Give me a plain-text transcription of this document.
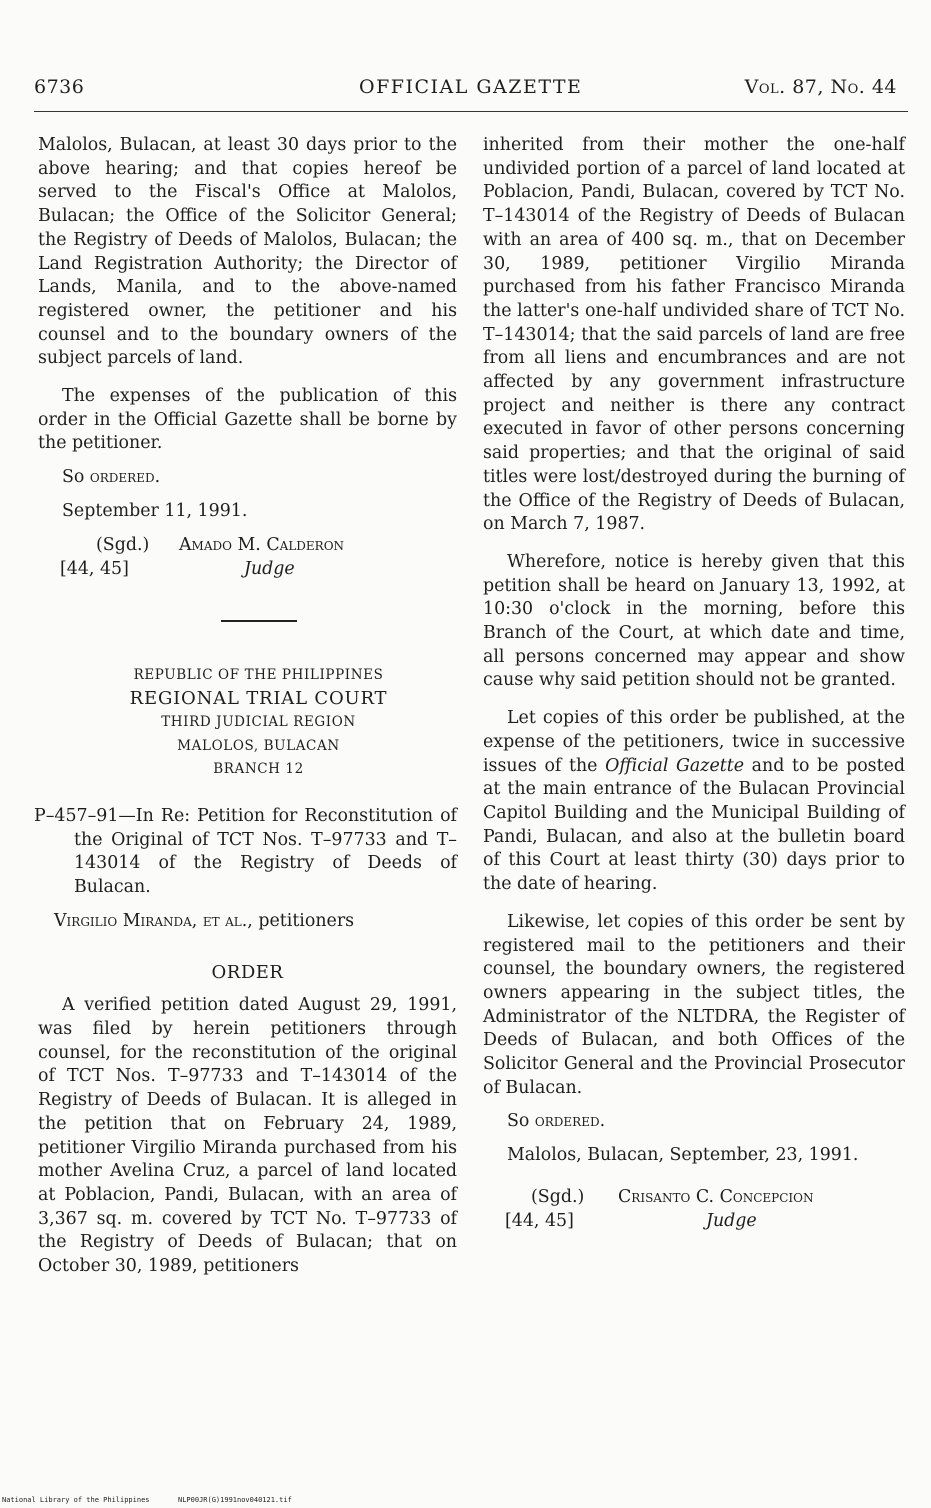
6736	OFFICIAL GAZETTE	Vol. 87, No. 44

Malolos, Bulacan, at least 30 days prior to the above hearing; and that copies hereof be served to the Fiscal's Office at Malolos, Bulacan; the Office of the Solicitor General; the Registry of Deeds of Malolos, Bulacan; the Land Registration Authority; the Director of Lands, Manila, and to the above-named registered owner, the petitioner and his counsel and to the boundary owners of the subject parcels of land.

The expenses of the publication of this order in the Official Gazette shall be borne by the petitioner.

So ordered.

September 11, 1991.

(Sgd.) Amado M. Calderon
[44, 45]	Judge

REPUBLIC OF THE PHILIPPINES

REGIONAL TRIAL COURT

THIRD JUDICIAL REGION

MALOLOS, BULACAN

BRANCH 12

P–457–91—In Re: Petition for Reconstitution of the Original of TCT Nos. T–97733 and T–143014 of the Registry of Deeds of Bulacan.

Virgilio Miranda, et al., petitioners

ORDER

A verified petition dated August 29, 1991, was filed by herein petitioners through counsel, for the reconstitution of the original of TCT Nos. T–97733 and T–143014 of the Registry of Deeds of Bulacan. It is alleged in the petition that on February 24, 1989, petitioner Virgilio Miranda purchased from his mother Avelina Cruz, a parcel of land located at Poblacion, Pandi, Bulacan, with an area of 3,367 sq. m. covered by TCT No. T–97733 of the Registry of Deeds of Bulacan; that on October 30, 1989, petitioners

inherited from their mother the one-half undivided portion of a parcel of land located at Poblacion, Pandi, Bulacan, covered by TCT No. T–143014 of the Registry of Deeds of Bulacan with an area of 400 sq. m., that on December 30, 1989, petitioner Virgilio Miranda purchased from his father Francisco Miranda the latter's one-half undivided share of TCT No. T–143014; that the said parcels of land are free from all liens and encumbrances and are not affected by any government infrastructure project and neither is there any contract executed in favor of other persons concerning said properties; and that the original of said titles were lost/destroyed during the burning of the Office of the Registry of Deeds of Bulacan, on March 7, 1987.

Wherefore, notice is hereby given that this petition shall be heard on January 13, 1992, at 10:30 o'clock in the morning, before this Branch of the Court, at which date and time, all persons concerned may appear and show cause why said petition should not be granted.

Let copies of this order be published, at the expense of the petitioners, twice in successive issues of the Official Gazette and to be posted at the main entrance of the Bulacan Provincial Capitol Building and the Municipal Building of Pandi, Bulacan, and also at the bulletin board of this Court at least thirty (30) days prior to the date of hearing.

Likewise, let copies of this order be sent by registered mail to the petitioners and their counsel, the boundary owners, the registered owners appearing in the subject titles, the Administrator of the NLTDRA, the Register of Deeds of Bulacan, and both Offices of the Solicitor General and the Provincial Prosecutor of Bulacan.

So ordered.

Malolos, Bulacan, September, 23, 1991.

(Sgd.) Crisanto C. Concepcion
[44, 45]	Judge
National Library of the Philippines	NLP00JR(G)1991nov040121.tif
